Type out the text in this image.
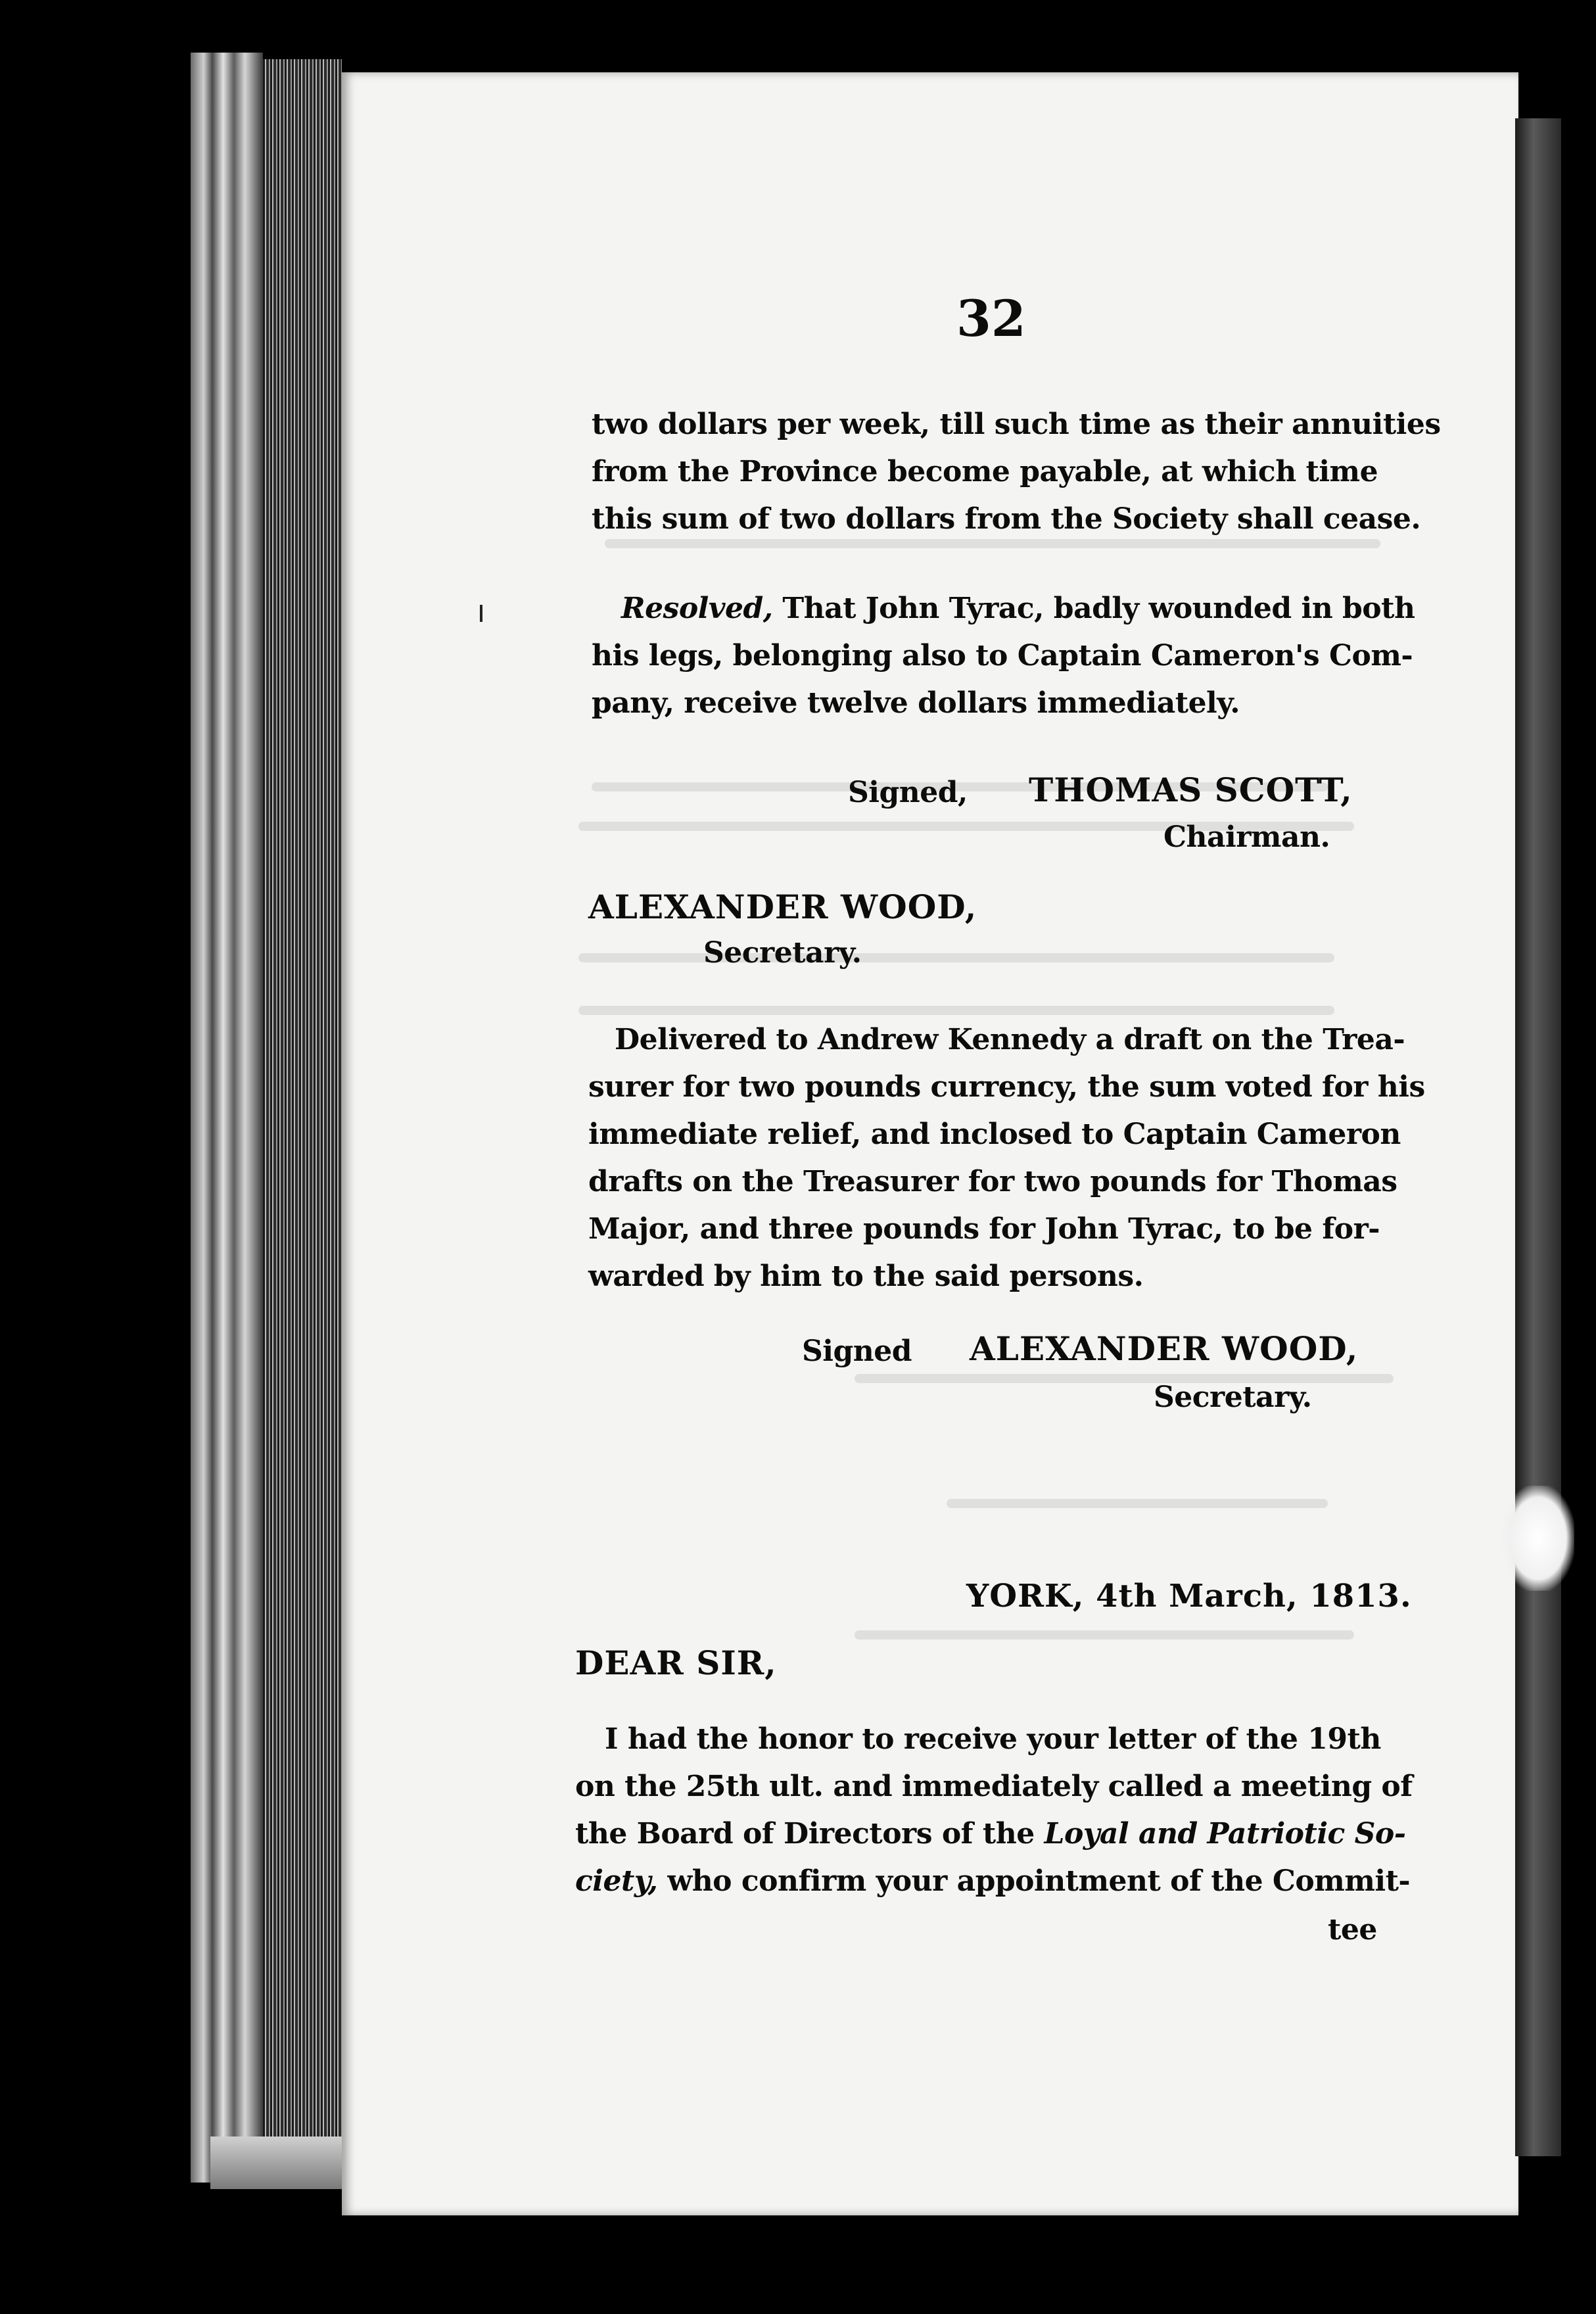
32
two dollars per week, till such time as their annuities
from the Province become payable, at which time
this sum of two dollars from the Society shall cease.
Resolved, That John Tyrac, badly wounded in both
his legs, belonging also to Captain Cameron's Com-
pany, receive twelve dollars immediately.
Signed, THOMAS SCOTT,
Chairman.
ALEXANDER WOOD,
Secretary.
Delivered to Andrew Kennedy a draft on the Trea-
surer for two pounds currency, the sum voted for his
immediate relief, and inclosed to Captain Cameron
drafts on the Treasurer for two pounds for Thomas
Major, and three pounds for John Tyrac, to be for-
warded by him to the said persons.
Signed ALEXANDER WOOD,
Secretary.
YORK, 4th March, 1813.
DEAR SIR,
I had the honor to receive your letter of the 19th
on the 25th ult. and immediately called a meeting of
the Board of Directors of the Loyal and Patriotic So-
ciety, who confirm your appointment of the Commit-
tee
